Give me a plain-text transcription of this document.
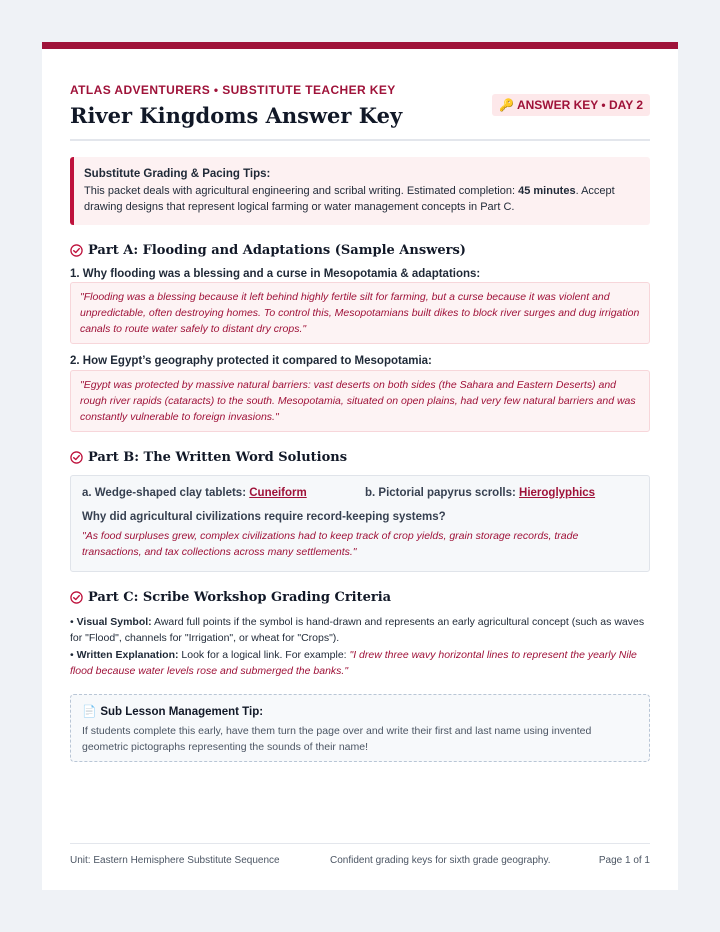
ATLAS ADVENTURERS • SUBSTITUTE TEACHER KEY
River Kingdoms Answer Key	🔑 ANSWER KEY • DAY 2
Substitute Grading & Pacing Tips:
This packet deals with agricultural engineering and scribal writing. Estimated completion: 45 minutes. Accept drawing designs that represent logical farming or water management concepts in Part C.
Part A: Flooding and Adaptations (Sample Answers)
1. Why flooding was a blessing and a curse in Mesopotamia & adaptations:
"Flooding was a blessing because it left behind highly fertile silt for farming, but a curse because it was violent and unpredictable, often destroying homes. To control this, Mesopotamians built dikes to block river surges and dug irrigation canals to route water safely to distant dry crops."
2. How Egypt’s geography protected it compared to Mesopotamia:
"Egypt was protected by massive natural barriers: vast deserts on both sides (the Sahara and Eastern Deserts) and rough river rapids (cataracts) to the south. Mesopotamia, situated on open plains, had very few natural barriers and was constantly vulnerable to foreign invasions."
Part B: The Written Word Solutions
a. Wedge-shaped clay tablets: Cuneiform	b. Pictorial papyrus scrolls: Hieroglyphics
Why did agricultural civilizations require record-keeping systems?
"As food surpluses grew, complex civilizations had to keep track of crop yields, grain storage records, trade transactions, and tax collections across many settlements."
Part C: Scribe Workshop Grading Criteria
• Visual Symbol: Award full points if the symbol is hand-drawn and represents an early agricultural concept (such as waves for "Flood", channels for "Irrigation", or wheat for "Crops").
• Written Explanation: Look for a logical link. For example: "I drew three wavy horizontal lines to represent the yearly Nile flood because water levels rose and submerged the banks."
📄 Sub Lesson Management Tip:
If students complete this early, have them turn the page over and write their first and last name using invented geometric pictographs representing the sounds of their name!
Unit: Eastern Hemisphere Substitute Sequence	Confident grading keys for sixth grade geography.	Page 1 of 1
